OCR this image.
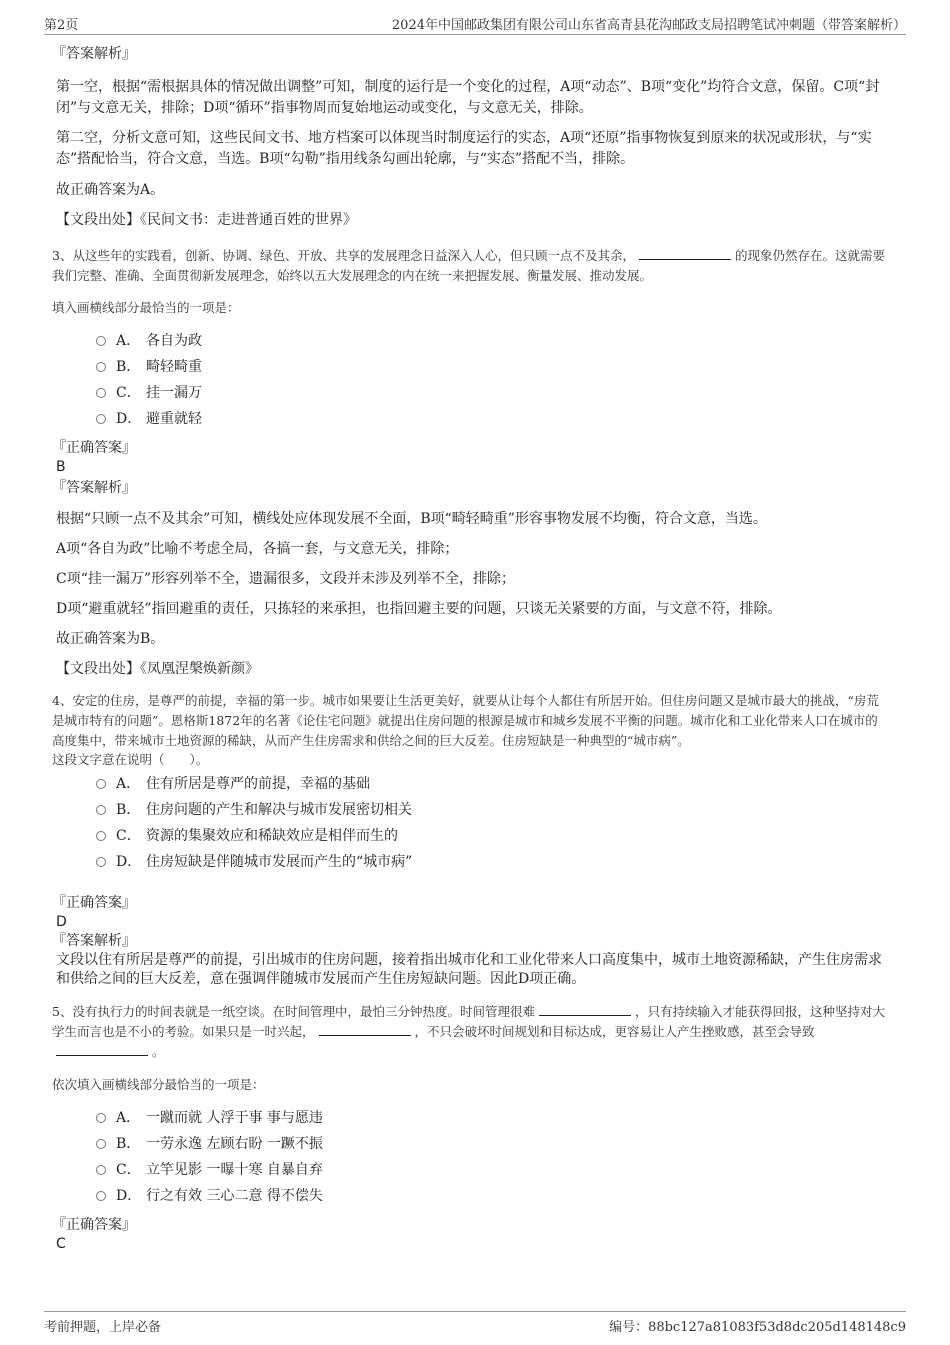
第2页	2024年中国邮政集团有限公司山东省高青县花沟邮政支局招聘笔试冲刺题（带答案解析）
『答案解析』

第一空，根据“需根据具体的情况做出调整”可知，制度的运行是一个变化的过程，A项“动态”、B项“变化”均符合文意，保留。C项“封闭”与文意无关，排除；D项“循环”指事物周而复始地运动或变化，与文意无关，排除。

第二空，分析文意可知，这些民间文书、地方档案可以体现当时制度运行的实态，A项“还原”指事物恢复到原来的状况或形状，与“实态”搭配恰当，符合文意，当选。B项“勾勒”指用线条勾画出轮廓，与“实态”搭配不当，排除。

故正确答案为A。

【文段出处】《民间文书：走进普通百姓的世界》

3、从这些年的实践看，创新、协调、绿色、开放、共享的发展理念日益深入人心，但只顾一点不及其余，	的现象仍然存在。这就需要我们完整、准确、全面贯彻新发展理念，始终以五大发展理念的内在统一来把握发展、衡量发展、推动发展。

填入画横线部分最恰当的一项是：
A． 各自为政
B． 畸轻畸重
C． 挂一漏万
D． 避重就轻
『正确答案』
B
『答案解析』

根据“只顾一点不及其余”可知，横线处应体现发展不全面，B项“畸轻畸重”形容事物发展不均衡，符合文意，当选。

A项“各自为政”比喻不考虑全局，各搞一套，与文意无关，排除；

C项“挂一漏万”形容列举不全，遗漏很多，文段并未涉及列举不全，排除；

D项“避重就轻”指回避重的责任，只拣轻的来承担，也指回避主要的问题，只谈无关紧要的方面，与文意不符，排除。

故正确答案为B。

【文段出处】《凤凰涅槃焕新颜》

4、安定的住房，是尊严的前提，幸福的第一步。城市如果要让生活更美好，就要从让每个人都住有所居开始。但住房问题又是城市最大的挑战，“房荒是城市特有的问题”。恩格斯1872年的名著《论住宅问题》就提出住房问题的根源是城市和城乡发展不平衡的问题。城市化和工业化带来人口在城市的高度集中，带来城市土地资源的稀缺，从而产生住房需求和供给之间的巨大反差。住房短缺是一种典型的“城市病”。

这段文字意在说明（　　）。
A． 住有所居是尊严的前提，幸福的基础
B． 住房问题的产生和解决与城市发展密切相关
C． 资源的集聚效应和稀缺效应是相伴而生的
D． 住房短缺是伴随城市发展而产生的“城市病”
『正确答案』
D
『答案解析』

文段以住有所居是尊严的前提，引出城市的住房问题，接着指出城市化和工业化带来人口高度集中，城市土地资源稀缺，产生住房需求和供给之间的巨大反差，意在强调伴随城市发展而产生住房短缺问题。因此D项正确。

5、没有执行力的时间表就是一纸空谈。在时间管理中，最怕三分钟热度。时间管理很难	，只有持续输入才能获得回报，这种坚持对大学生而言也是不小的考验。如果只是一时兴起，	，不只会破坏时间规划和目标达成，更容易让人产生挫败感，甚至会导致。

依次填入画横线部分最恰当的一项是：
A． 一蹴而就 人浮于事 事与愿违
B． 一劳永逸 左顾右盼 一蹶不振
C． 立竿见影 一曝十寒 自暴自弃
D． 行之有效 三心二意 得不偿失
『正确答案』
C
考前押题，上岸必备	编号：88bc127a81083f53d8dc205d148148c9
